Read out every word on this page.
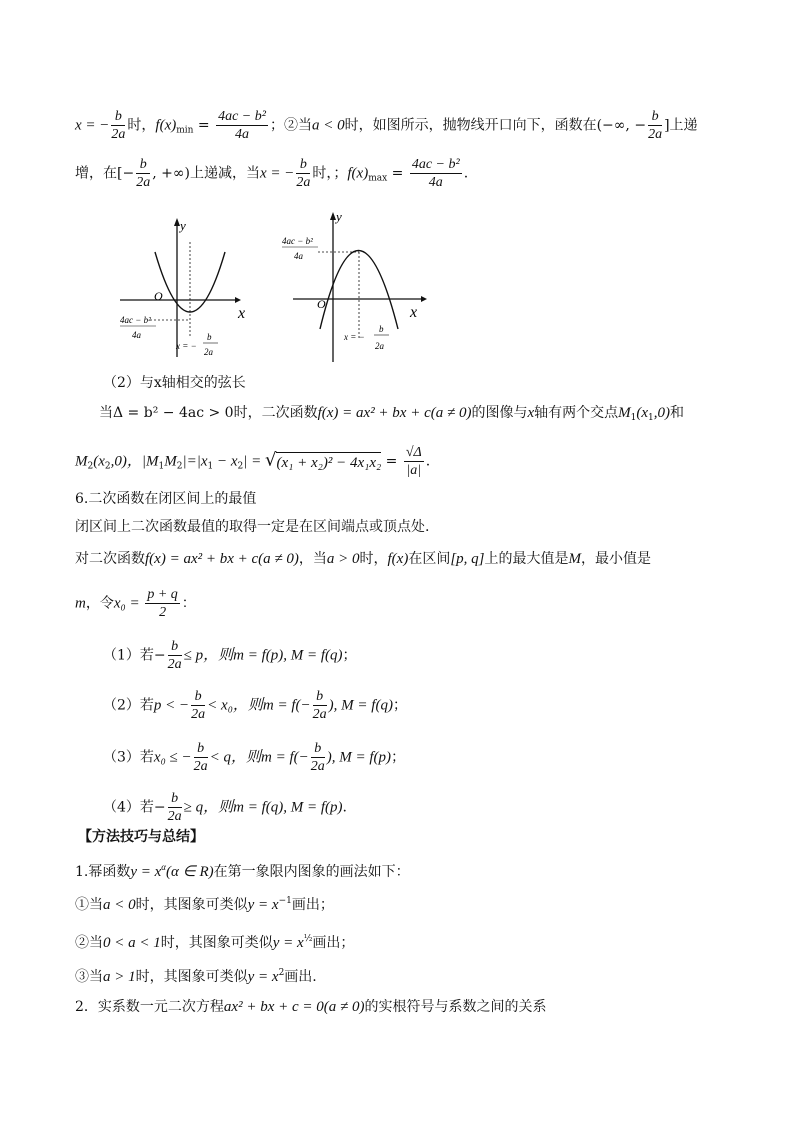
x = − $\frac{b}{2a}$ 时，$f(x)_{min} = \frac{\text{4ac − b²}}{4a}$ ；②当a < 0时，如图所示，抛物线开口向下，函数在(−∞, − $\frac{b}{2a}$ ]上递
增，在[− $\frac{b}{2a}$ , +∞)上递减，当x = − $\frac{b}{2a}$ 时，；$f(x)_{max} = \frac{\text{4ac − b²}}{4a}$ .
y
x
O
4ac − b²
4a
x = −
b
2a
y
x
O
4ac − b²
4a
x = −
b
2a
（2）与x轴相交的弦长
当Δ = b² − 4ac > 0时，二次函数f(x) = ax² + bx + c(a ≠ 0)的图像与x轴有两个交点$M_1(x_1,0)$和
$M_2(x_2,0)$，$|M_1M_2|=|x_1 - x_2| = √(x_1 + x_2)^2 - 4x_1x_2 = \frac{√\Delta}{|a|}$ .
6.二次函数在闭区间上的最值
闭区间上二次函数最值的取得一定是在区间端点或顶点处.
对二次函数f(x) = ax² + bx + c(a ≠ 0)，当a > 0时，f(x)在区间[p, q]上的最大值是M，最小值是
m，令$x_0 = \frac{p + q}{2}$ ：
（1）若− $\frac{b}{2a} \le p$，则m = f(p), M = f(q)；
（2）若p < − $\frac{b}{2a} < x_0$，则$m = f(- \frac{b}{2a}$ ), M = f(q)；
（3）若x₀ ≤ − $\frac{b}{2a} < q$，则$m = f(- \frac{b}{2a}$ ), M = f(p)；
（4）若− $\frac{b}{2a} \ge q$，则m = f(q), M = f(p).
【方法技巧与总结】
1.幂函数$y = x^\alpha(\alpha$ ∈ R)在第一象限内图象的画法如下：
①当a < 0时，其图象可类似$y = x^{-1}$画出；
②当0 < a < 1时，其图象可类似$y = x^{\frac{1}{2}}$画出；
③当a > 1时，其图象可类似$y = x^2$画出.
2．实系数一元二次方程ax² + bx + c = 0(a ≠ 0)的实根符号与系数之间的关系
